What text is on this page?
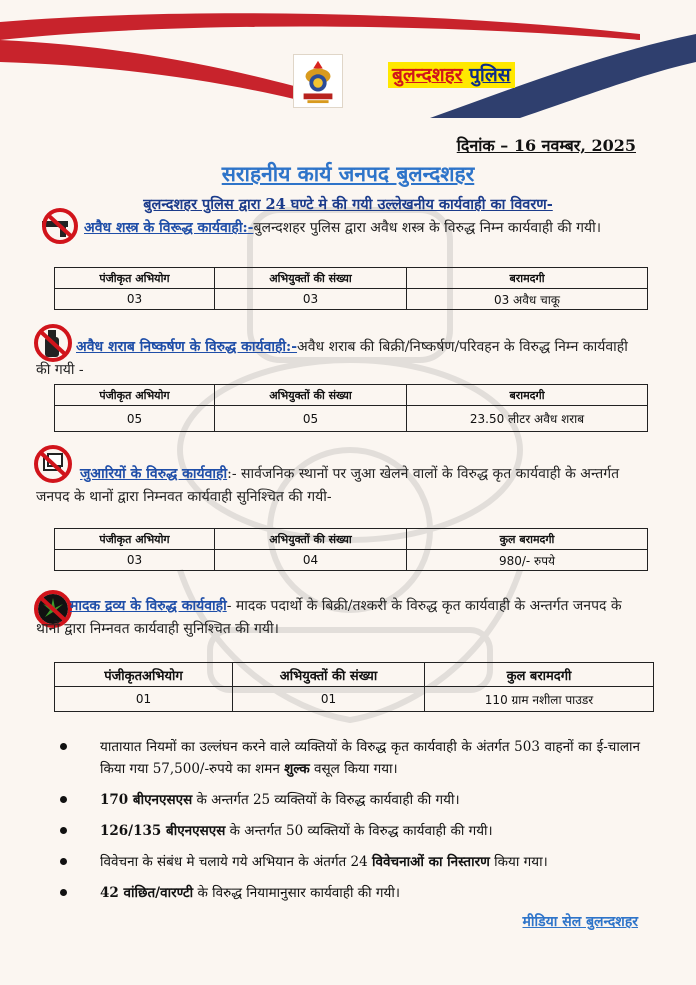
बुलन्दशहर पुलिस
दिनांक – 16 नवम्बर, 2025
सराहनीय कार्य जनपद बुलन्दशहर
बुलन्दशहर पुलिस द्वारा 24 घण्टे मे की गयी उल्लेखनीय कार्यवाही का विवरण-
अवैध शस्त्र के विरूद्ध कार्यवाही:-बुलन्दशहर पुलिस द्वारा अवैध शस्त्र के विरुद्ध निम्न कार्यवाही की गयी।
पंजीकृत अभियोग	अभियुक्तों की संख्या	बरामदगी
03	03	03 अवैध चाकू
अवैध शराब निष्कर्षण के विरुद्ध कार्यवाही:-अवैध शराब की बिक्री/निष्कर्षण/परिवहन के विरुद्ध निम्न कार्यवाही की गयी -
पंजीकृत अभियोग	अभियुक्तों की संख्या	बरामदगी
05	05	23.50 लीटर अवैध शराब
जुआरियों के विरुद्ध कार्यवाही:- सार्वजनिक स्थानों पर जुआ खेलने वालों के विरुद्ध कृत कार्यवाही के अन्तर्गत जनपद के थानों द्वारा निम्नवत कार्यवाही सुनिश्चित की गयी-
पंजीकृत अभियोग	अभियुक्तों की संख्या	कुल बरामदगी
03	04	980/- रुपये
मादक द्रव्य के विरुद्ध कार्यवाही- मादक पदार्थो के बिक्री/तश्करी के विरुद्ध कृत कार्यवाही के अन्तर्गत जनपद के थानों द्वारा निम्नवत कार्यवाही सुनिश्चित की गयी।
पंजीकृतअभियोग	अभियुक्तों की संख्या	कुल बरामदगी
01	01	110 ग्राम नशीला पाउडर
यातायात नियमों का उल्लंघन करने वाले व्यक्तियों के विरुद्ध कृत कार्यवाही के अंतर्गत 503 वाहनों का ई-चालान किया गया 57,500/-रुपये का शमन शुल्क वसूल किया गया।
170 बीएनएसएस के अन्तर्गत 25 व्यक्तियों के विरुद्ध कार्यवाही की गयी।
126/135 बीएनएसएस के अन्तर्गत 50 व्यक्तियों के विरुद्ध कार्यवाही की गयी।
विवेचना के संबंध मे चलाये गये अभियान के अंतर्गत 24 विवेचनाओं का निस्तारण किया गया।
42 वांछित/वारण्टी के विरुद्ध नियामानुसार कार्यवाही की गयी।
मीडिया सेल बुलन्दशहर
